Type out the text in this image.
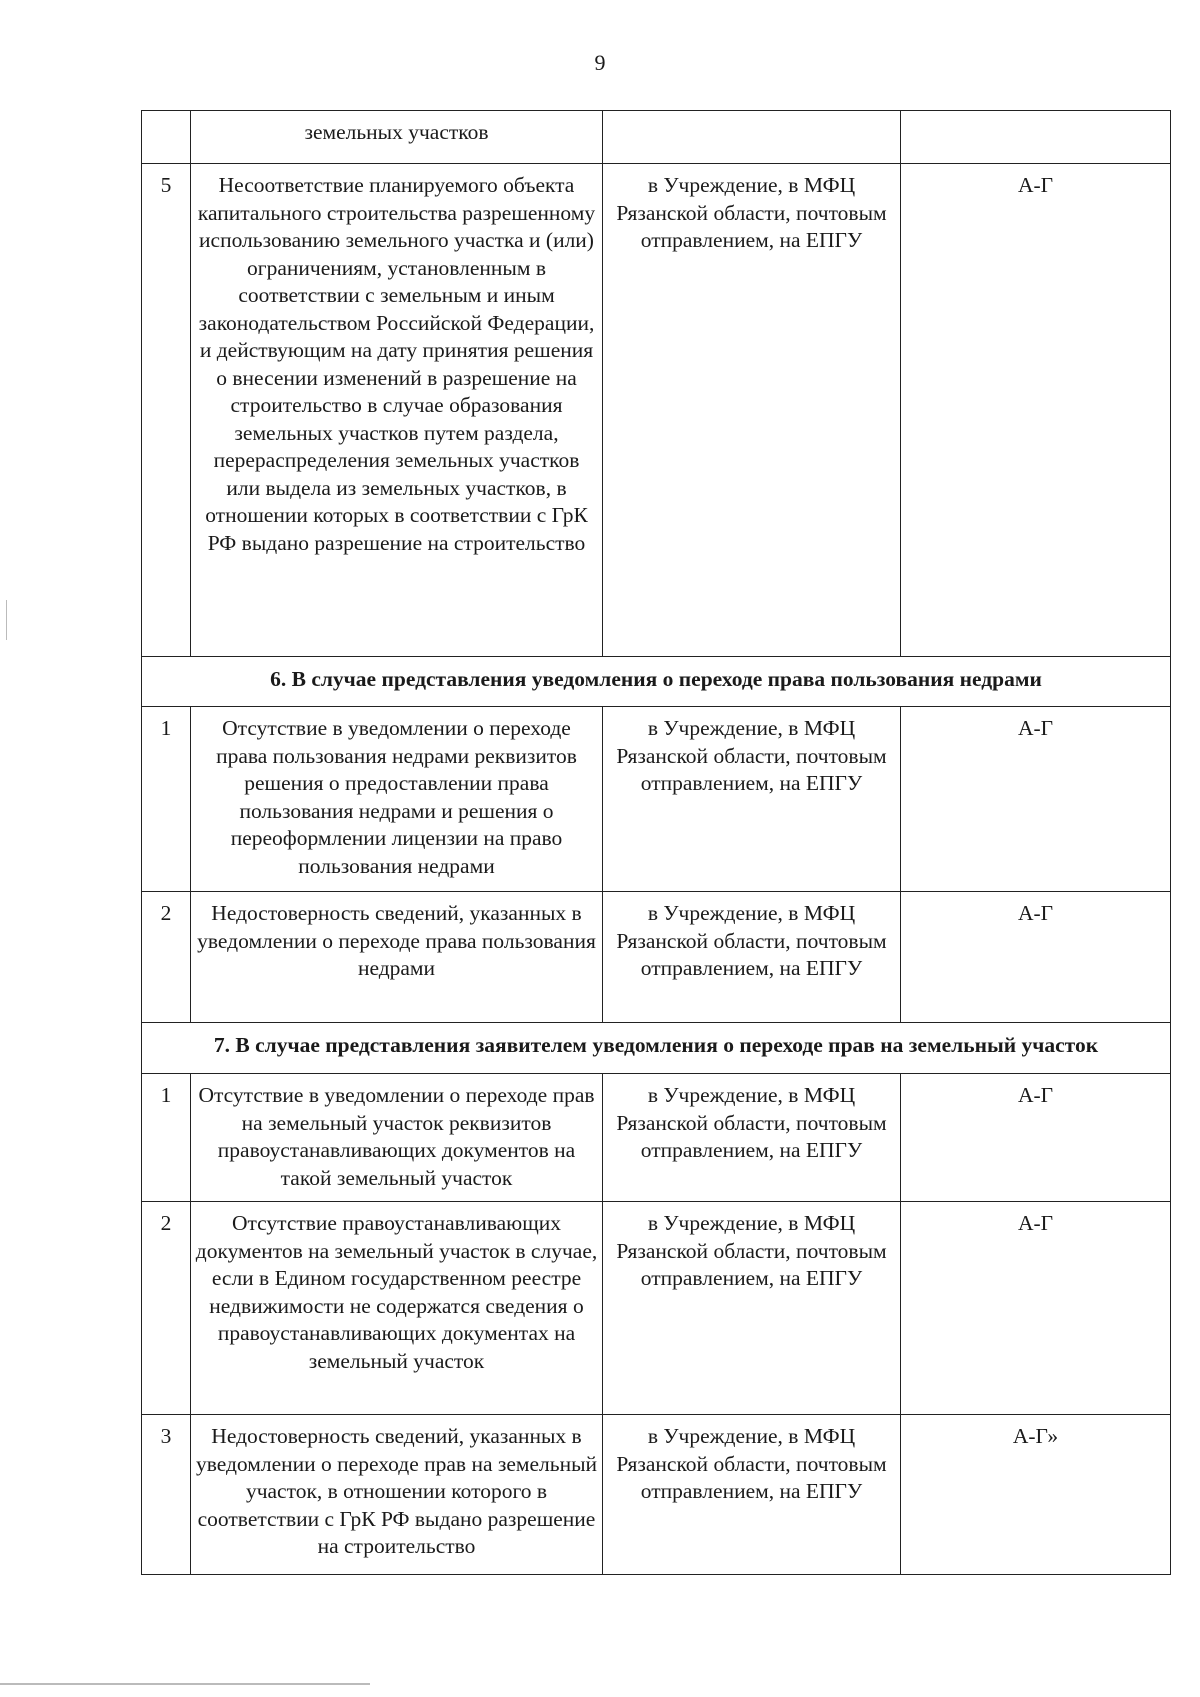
9
	земельных участков		
5	Несоответствие планируемого объекта капитального строительства разрешенному использованию земельного участка и (или) ограничениям, установленным в соответствии с земельным и иным законодательством Российской Федерации, и действующим на дату принятия решения о внесении изменений в разрешение на строительство в случае образования земельных участков путем раздела, перераспределения земельных участков или выдела из земельных участков, в отношении которых в соответствии с ГрК РФ выдано разрешение на строительство	в Учреждение, в МФЦ Рязанской области, почтовым отправлением, на ЕПГУ	А-Г
6. В случае представления уведомления о переходе права пользования недрами			
1	Отсутствие в уведомлении о переходе права пользования недрами реквизитов решения о предоставлении права пользования недрами и решения о переоформлении лицензии на право пользования недрами	в Учреждение, в МФЦ Рязанской области, почтовым отправлением, на ЕПГУ	А-Г
2	Недостоверность сведений, указанных в уведомлении о переходе права пользования недрами	в Учреждение, в МФЦ Рязанской области, почтовым отправлением, на ЕПГУ	А-Г
7. В случае представления заявителем уведомления о переходе прав на земельный участок			
1	Отсутствие в уведомлении о переходе прав на земельный участок реквизитов правоустанавливающих документов на такой земельный участок	в Учреждение, в МФЦ Рязанской области, почтовым отправлением, на ЕПГУ	А-Г
2	Отсутствие правоустанавливающих документов на земельный участок в случае, если в Едином государственном реестре недвижимости не содержатся сведения о правоустанавливающих документах на земельный участок	в Учреждение, в МФЦ Рязанской области, почтовым отправлением, на ЕПГУ	А-Г
3	Недостоверность сведений, указанных в уведомлении о переходе прав на земельный участок, в отношении которого в соответствии с ГрК РФ выдано разрешение на строительство	в Учреждение, в МФЦ Рязанской области, почтовым отправлением, на ЕПГУ	А-Г»
